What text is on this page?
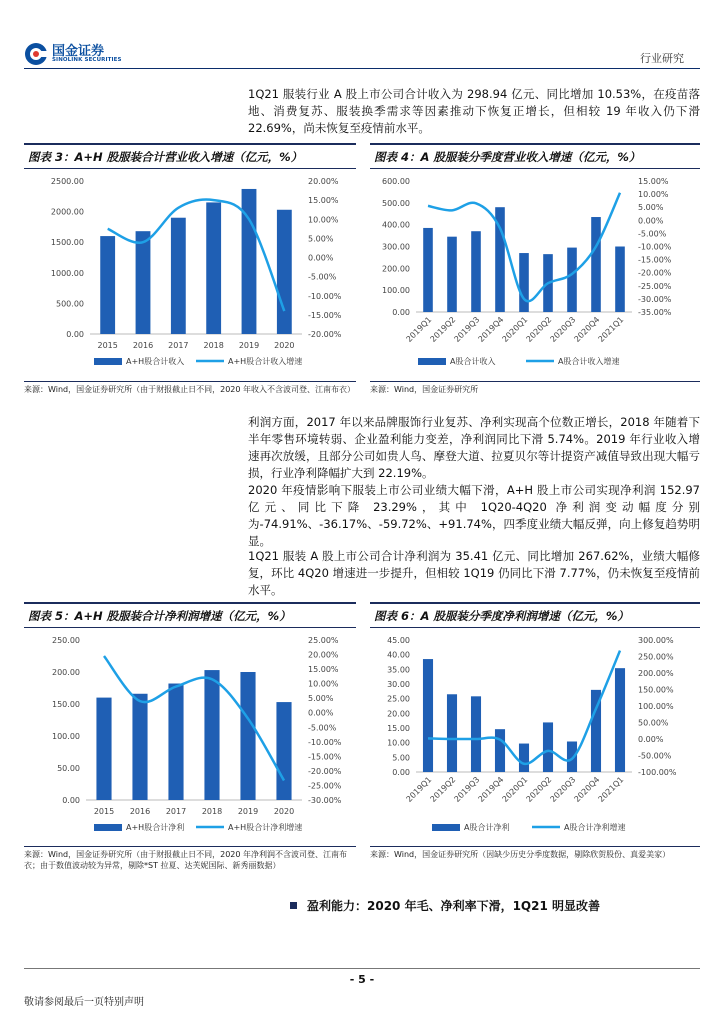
国金证券
SINOLINK SECURITIES	行业研究
1Q21 服装行业 A 股上市公司合计收入为 298.94 亿元、同比增加 10.53%，在疫苗落地、消费复苏、服装换季需求等因素推动下恢复正增长，但相较 19 年收入仍下滑 22.69%，尚未恢复至疫情前水平。
图表 3：A+H 股服装合计营业收入增速（亿元，%）
0.00
500.00
1000.00
1500.00
2000.00
2500.00
-20.00%
-15.00%
-10.00%
-5.00%
0.00%
5.00%
10.00%
15.00%
20.00%
2015 2016 2017 2018 2019 2020
A+H股合计收入	A+H股合计收入增速
来源：Wind，国金证券研究所（由于财报截止日不同，2020 年收入不含波司登、江南布衣）
图表 4：A 股服装分季度营业收入增速（亿元，%）
0.00
100.00
200.00
300.00
400.00
500.00
600.00
-35.00%
-30.00%
-25.00%
-20.00%
-15.00%
-10.00%
-5.00%
0.00%
5.00%
10.00%
15.00%
2019Q1
2019Q2
2019Q3
2019Q4
2020Q1
2020Q2
2020Q3
2020Q4
2021Q1
A股合计收入	A股合计收入增速
来源：Wind，国金证券研究所
利润方面，2017 年以来品牌服饰行业复苏、净利实现高个位数正增长，2018 年随着下半年零售环境转弱、企业盈利能力变差，净利润同比下滑 5.74%。2019 年行业收入增速再次放缓，且部分公司如贵人鸟、摩登大道、拉夏贝尔等计提资产减值导致出现大幅亏损，行业净利降幅扩大到 22.19%。
2020 年疫情影响下服装上市公司业绩大幅下滑，A+H 股上市公司实现净利润 152.97 亿元、同比下降 23.29%，其中 1Q20-4Q20 净利润变动幅度分别为-74.91%、-36.17%、-59.72%、+91.74%，四季度业绩大幅反弹，向上修复趋势明显。
1Q21 服装 A 股上市公司合计净利润为 35.41 亿元、同比增加 267.62%，业绩大幅修复，环比 4Q20 增速进一步提升，但相较 1Q19 仍同比下滑 7.77%，仍未恢复至疫情前水平。
图表 5：A+H 股服装合计净利润增速（亿元，%）
0.00
50.00
100.00
150.00
200.00
250.00
-30.00%
-25.00%
-20.00%
-15.00%
-10.00%
-5.00%
0.00%
5.00%
10.00%
15.00%
20.00%
25.00%
2015 2016 2017 2018 2019 2020
A+H股合计净利	A+H股合计净利增速
来源：Wind，国金证券研究所（由于财报截止日不同，2020 年净利润不含波司登、江南布衣；由于数值波动较为异常，剔除*ST 拉夏、达芙妮国际、新秀丽数据）
图表 6：A 股服装分季度净利润增速（亿元，%）
0.00
5.00
10.00
15.00
20.00
25.00
30.00
35.00
40.00
45.00
-100.00%
-50.00%
0.00%
50.00%
100.00%
150.00%
200.00%
250.00%
300.00%
2019Q1
2019Q2
2019Q3
2019Q4
2020Q1
2020Q2
2020Q3
2020Q4
2021Q1
A股合计净利	A股合计净利增速
来源：Wind，国金证券研究所（因缺少历史分季度数据，剔除欣贺股份、真爱美家）
盈利能力：2020 年毛、净利率下滑，1Q21 明显改善
- 5 -
敬请参阅最后一页特别声明
